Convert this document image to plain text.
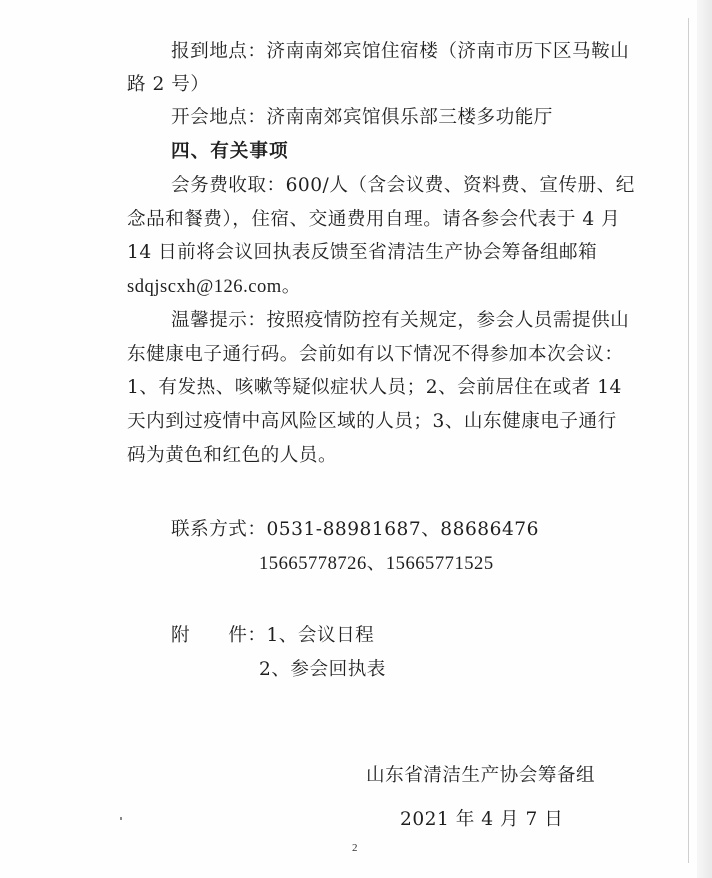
报到地点：济南南郊宾馆住宿楼（济南市历下区马鞍山
路 2 号）
开会地点：济南南郊宾馆俱乐部三楼多功能厅
四、有关事项
会务费收取：600/人（含会议费、资料费、宣传册、纪
念品和餐费），住宿、交通费用自理。请各参会代表于 4 月
14 日前将会议回执表反馈至省清洁生产协会筹备组邮箱
sdqjscxh@126.com。
温馨提示：按照疫情防控有关规定，参会人员需提供山
东健康电子通行码。会前如有以下情况不得参加本次会议：
1、有发热、咳嗽等疑似症状人员；2、会前居住在或者 14
天内到过疫情中高风险区域的人员；3、山东健康电子通行
码为黄色和红色的人员。
联系方式：0531-88981687、88686476
15665778726、15665771525
附　　件：1、会议日程
2、参会回执表
山东省清洁生产协会筹备组
2021 年 4 月 7 日
2
